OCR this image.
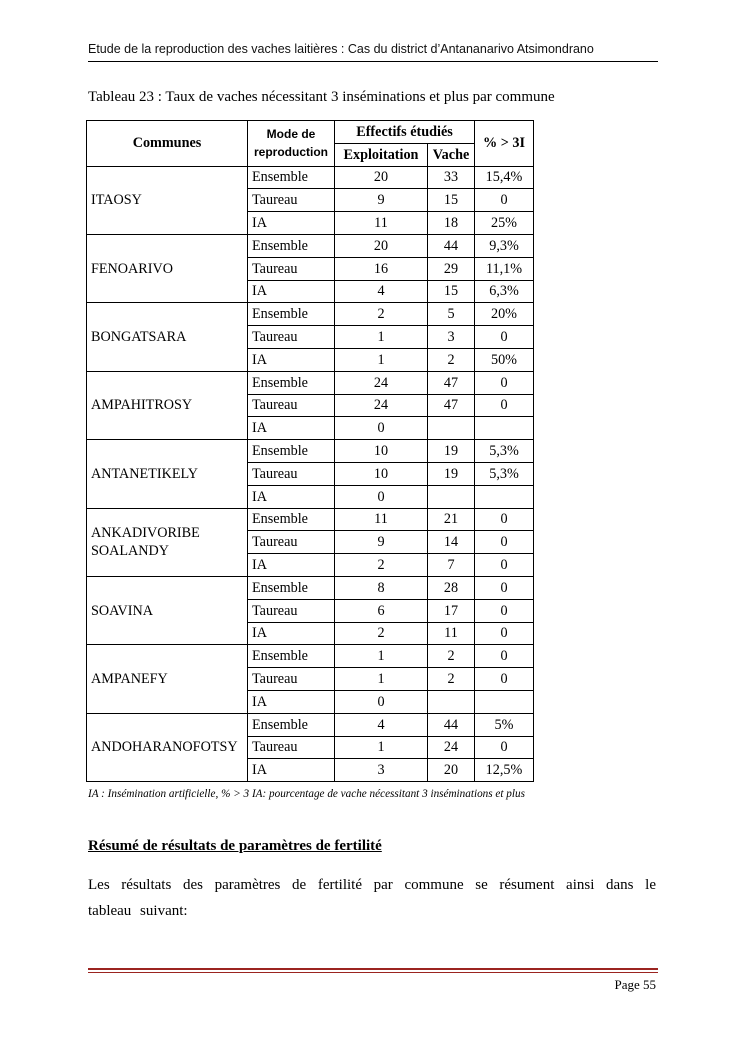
Etude de la reproduction des vaches laitières : Cas du district d’Antananarivo Atsimondrano
Tableau 23 : Taux de vaches nécessitant 3 inséminations et plus par commune
Communes	Mode de reproduction	Effectifs étudiés		% > 3I
		Exploitation	Vache	
ITAOSY	Ensemble	20	33	15,4%
	Taureau	9	15	0
	IA	11	18	25%
FENOARIVO	Ensemble	20	44	9,3%
	Taureau	16	29	11,1%
	IA	4	15	6,3%
BONGATSARA	Ensemble	2	5	20%
	Taureau	1	3	0
	IA	1	2	50%
AMPAHITROSY	Ensemble	24	47	0
	Taureau	24	47	0
	IA	0		
ANTANETIKELY	Ensemble	10	19	5,3%
	Taureau	10	19	5,3%
	IA	0		
ANKADIVORIBE SOALANDY	Ensemble	11	21	0
	Taureau	9	14	0
	IA	2	7	0
SOAVINA	Ensemble	8	28	0
	Taureau	6	17	0
	IA	2	11	0
AMPANEFY	Ensemble	1	2	0
	Taureau	1	2	0
	IA	0		
ANDOHARANOFOTSY	Ensemble	4	44	5%
	Taureau	1	24	0
	IA	3	20	12,5%
IA : Insémination artificielle, % > 3 IA: pourcentage de vache nécessitant 3 inséminations et plus
Résumé de résultats de paramètres de fertilité
Les résultats des paramètres de fertilité par commune se résument ainsi dans le tableau suivant:
Page 55
